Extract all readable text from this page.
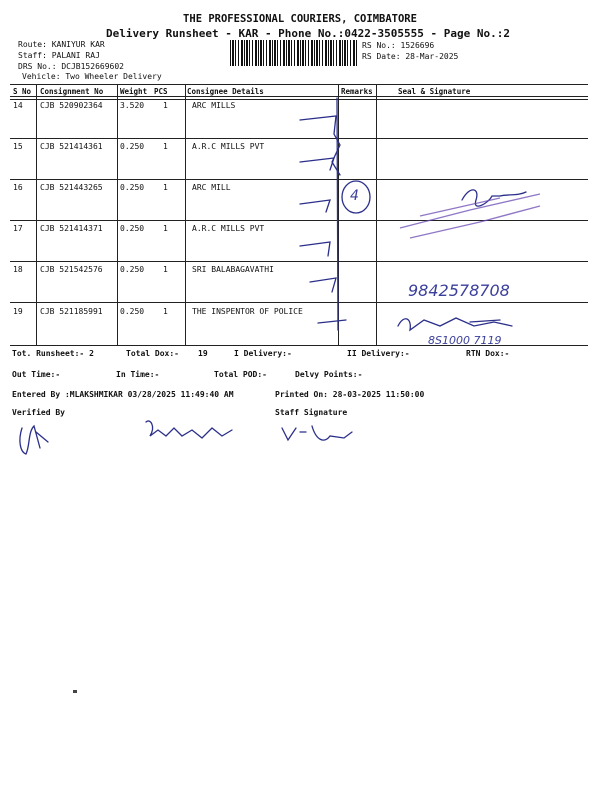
THE PROFESSIONAL COURIERS, COIMBATORE
Delivery Runsheet - KAR - Phone No.:0422-3505555 - Page No.:2
Route: KANIYUR KAR
Staff: PALANI RAJ
DRS No.: DCJB152669602
Vehicle: Two Wheeler Delivery
RS No.: 1526696
RS Date: 28-Mar-2025
S No Consignment No Weight PCS	Consignee Details	Remarks	Seal & Signature
14 CJB 520902364 3.520 1	ARC MILLS
15 CJB 521414361 0.250 1	A.R.C MILLS PVT
16 CJB 521443265 0.250 1	ARC MILL
17 CJB 521414371 0.250 1	A.R.C MILLS PVT
18 CJB 521542576 0.250 1	SRI BALABAGAVATHI
19 CJB 521185991 0.250 1	THE INSPENTOR OF POLICE
4
9842578708
8S1000 7119
Tot. Runsheet:- 2	Total Dox:- 19	I Delivery:-	II Delivery:-	RTN Dox:-
Out Time:-	In Time:-	Total POD:-	Delvy Points:-
Entered By :MLAKSHMIKAR 03/28/2025 11:49:40 AM	Printed On: 28-03-2025 11:50:00
Verified By	Staff Signature
